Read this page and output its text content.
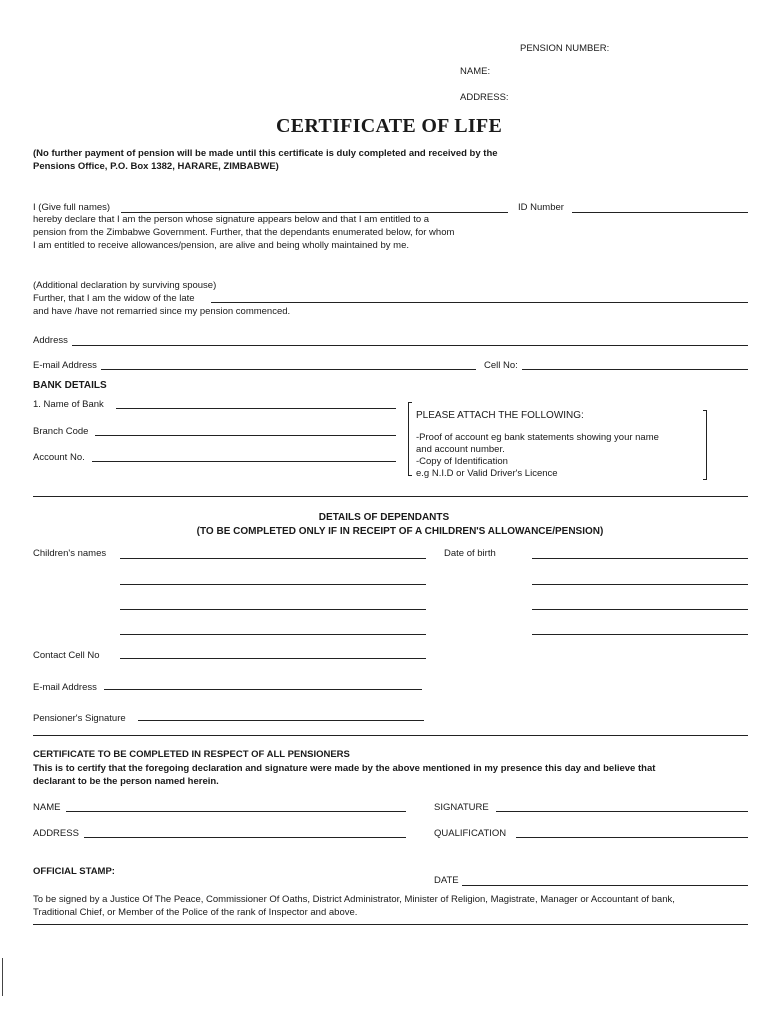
PENSION NUMBER:
NAME:
ADDRESS:
CERTIFICATE OF LIFE
(No further payment of pension will be made until this certificate is duly completed and received by the
Pensions Office, P.O. Box 1382, HARARE, ZIMBABWE)
I (Give full names)	ID Number
hereby declare that I am the person whose signature appears below and that I am entitled to a
pension from the Zimbabwe Government. Further, that the dependants enumerated below, for whom
I am entitled to receive allowances/pension, are alive and being wholly maintained by me.
(Additional declaration by surviving spouse)
Further, that I am the widow of the late
and have /have not remarried since my pension commenced.
Address
E-mail Address	Cell No:
BANK DETAILS
1. Name of Bank
Branch Code
Account No.
PLEASE ATTACH THE FOLLOWING:
-Proof of account eg bank statements showing your name
and account number.
-Copy of Identification
e.g N.I.D or Valid Driver's Licence
DETAILS OF DEPENDANTS
(TO BE COMPLETED ONLY IF IN RECEIPT OF A CHILDREN'S ALLOWANCE/PENSION)
Children's names	Date of birth
Contact Cell No
E-mail Address
Pensioner's Signature
CERTIFICATE TO BE COMPLETED IN RESPECT OF ALL PENSIONERS
This is to certify that the foregoing declaration and signature were made by the above mentioned in my presence this day and believe that
declarant to be the person named herein.
NAME	SIGNATURE
ADDRESS	QUALIFICATION
OFFICIAL STAMP:
DATE
To be signed by a Justice Of The Peace, Commissioner Of Oaths, District Administrator, Minister of Religion, Magistrate, Manager or Accountant of bank,
Traditional Chief, or Member of the Police of the rank of Inspector and above.
